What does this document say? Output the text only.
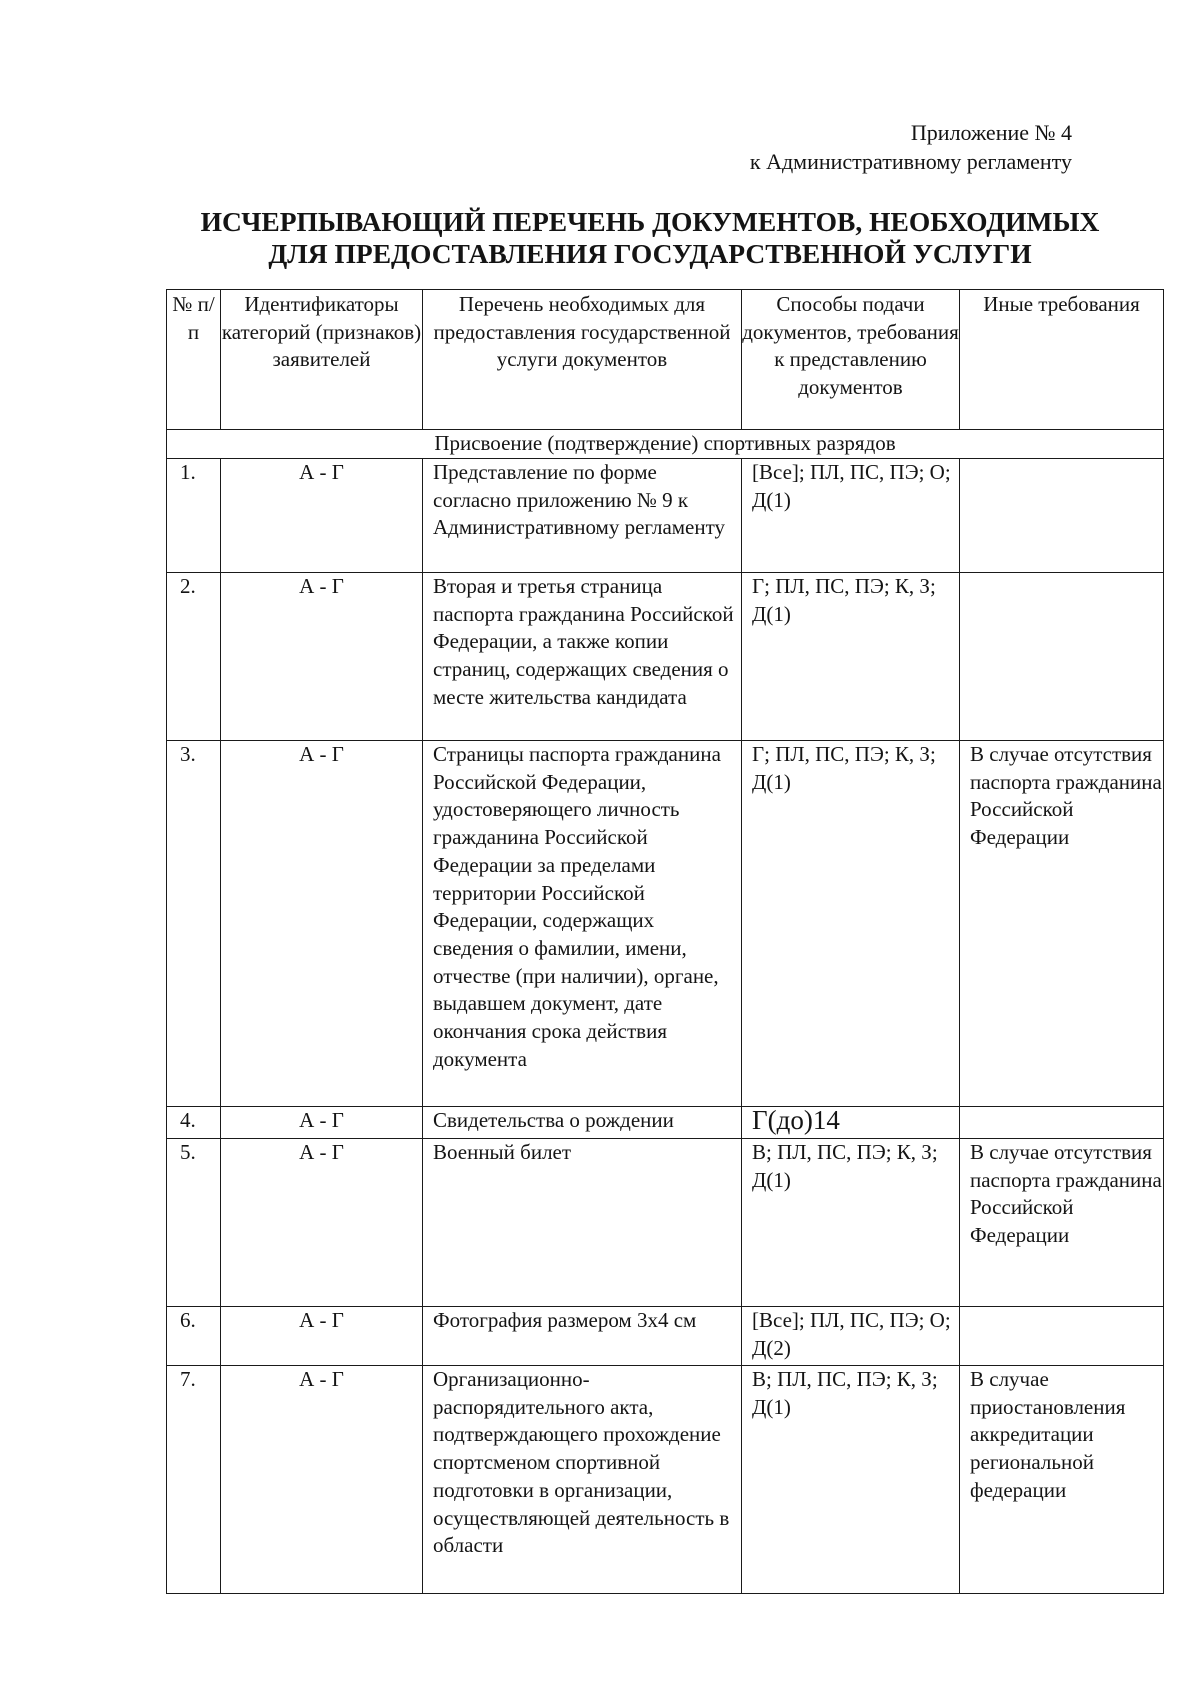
Приложение № 4
к Административному регламенту
ИСЧЕРПЫВАЮЩИЙ ПЕРЕЧЕНЬ ДОКУМЕНТОВ, НЕОБХОДИМЫХ
ДЛЯ ПРЕДОСТАВЛЕНИЯ ГОСУДАРСТВЕННОЙ УСЛУГИ
№ п/п	Идентификаторы категорий (признаков) заявителей	Перечень необходимых для предоставления государственной услуги документов	Способы подачи документов, требования к представлению документов	Иные требования
Присвоение (подтверждение) спортивных разрядов				
1.	А - Г	Представление по форме согласно приложению № 9 к Административному регламенту	[Все]; ПЛ, ПС, ПЭ; О; Д(1)	
2.	А - Г	Вторая и третья страница паспорта гражданина Российской Федерации, а также копии страниц, содержащих сведения о месте жительства кандидата	Г; ПЛ, ПС, ПЭ; К, З; Д(1)	
3.	А - Г	Страницы паспорта гражданина Российской Федерации, удостоверяющего личность гражданина Российской Федерации за пределами территории Российской Федерации, содержащих сведения о фамилии, имени, отчестве (при наличии), органе, выдавшем документ, дате окончания срока действия документа	Г; ПЛ, ПС, ПЭ; К, З; Д(1)	В случае отсутствия паспорта гражданина Российской Федерации
4.	А - Г	Свидетельства о рождении	Г(до)14	
5.	А - Г	Военный билет	В; ПЛ, ПС, ПЭ; К, З; Д(1)	В случае отсутствия паспорта гражданина Российской Федерации
6.	А - Г	Фотография размером 3x4 см	[Все]; ПЛ, ПС, ПЭ; О; Д(2)	
7.	А - Г	Организационно-распорядительного акта, подтверждающего прохождение спортсменом спортивной подготовки в организации, осуществляющей деятельность в области	В; ПЛ, ПС, ПЭ; К, З; Д(1)	В случае приостановления аккредитации региональной федерации
